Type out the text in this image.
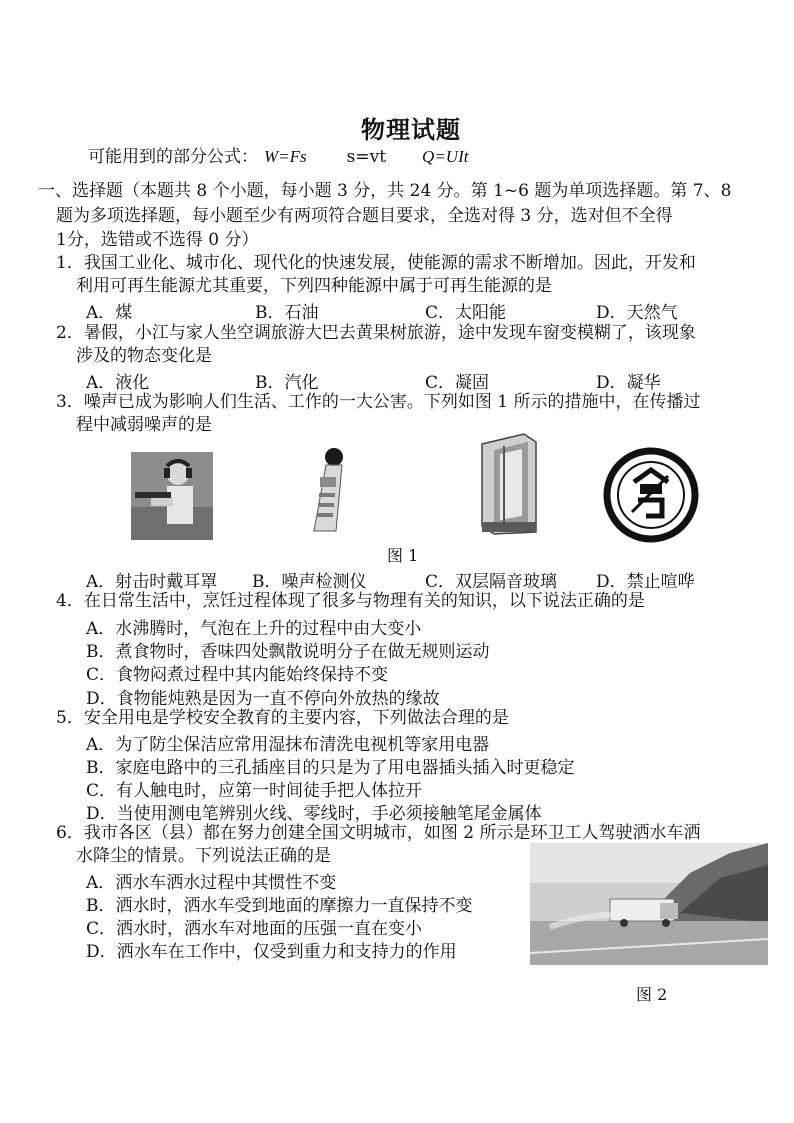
物理试题
可能用到的部分公式： W=Fs s=vt Q=UIt
一、选择题（本题共 8 个小题，每小题 3 分，共 24 分。第 1~6 题为单项选择题。第 7、8
题为多项选择题，每小题至少有两项符合题目要求，全选对得 3 分，选对但不全得
1分，选错或不选得 0 分）
1．我国工业化、城市化、现代化的快速发展，使能源的需求不断增加。因此，开发和
利用可再生能源尤其重要，下列四种能源中属于可再生能源的是
A．煤	B．石油	C．太阳能	D．天然气
2．暑假，小江与家人坐空调旅游大巴去黄果树旅游，途中发现车窗变模糊了，该现象
涉及的物态变化是
A．液化	B．汽化	C．凝固	D．凝华
3．噪声已成为影响人们生活、工作的一大公害。下列如图 1 所示的措施中，在传播过
程中减弱噪声的是
图 1
A．射击时戴耳罩 B．噪声检测仪	C．双层隔音玻璃 D．禁止喧哗
4．在日常生活中，烹饪过程体现了很多与物理有关的知识，以下说法正确的是
A．水沸腾时，气泡在上升的过程中由大变小
B．煮食物时，香味四处飘散说明分子在做无规则运动
C．食物闷煮过程中其内能始终保持不变
D．食物能炖熟是因为一直不停向外放热的缘故
5．安全用电是学校安全教育的主要内容，下列做法合理的是
A．为了防尘保洁应常用湿抹布清洗电视机等家用电器
B．家庭电路中的三孔插座目的只是为了用电器插头插入时更稳定
C．有人触电时，应第一时间徒手把人体拉开
D．当使用测电笔辨别火线、零线时，手必须接触笔尾金属体
6．我市各区（县）都在努力创建全国文明城市，如图 2 所示是环卫工人驾驶洒水车洒
水降尘的情景。下列说法正确的是
A．洒水车洒水过程中其惯性不变
B．洒水时，洒水车受到地面的摩擦力一直保持不变
C．洒水时，洒水车对地面的压强一直在变小
D．洒水车在工作中，仅受到重力和支持力的作用
图 2
